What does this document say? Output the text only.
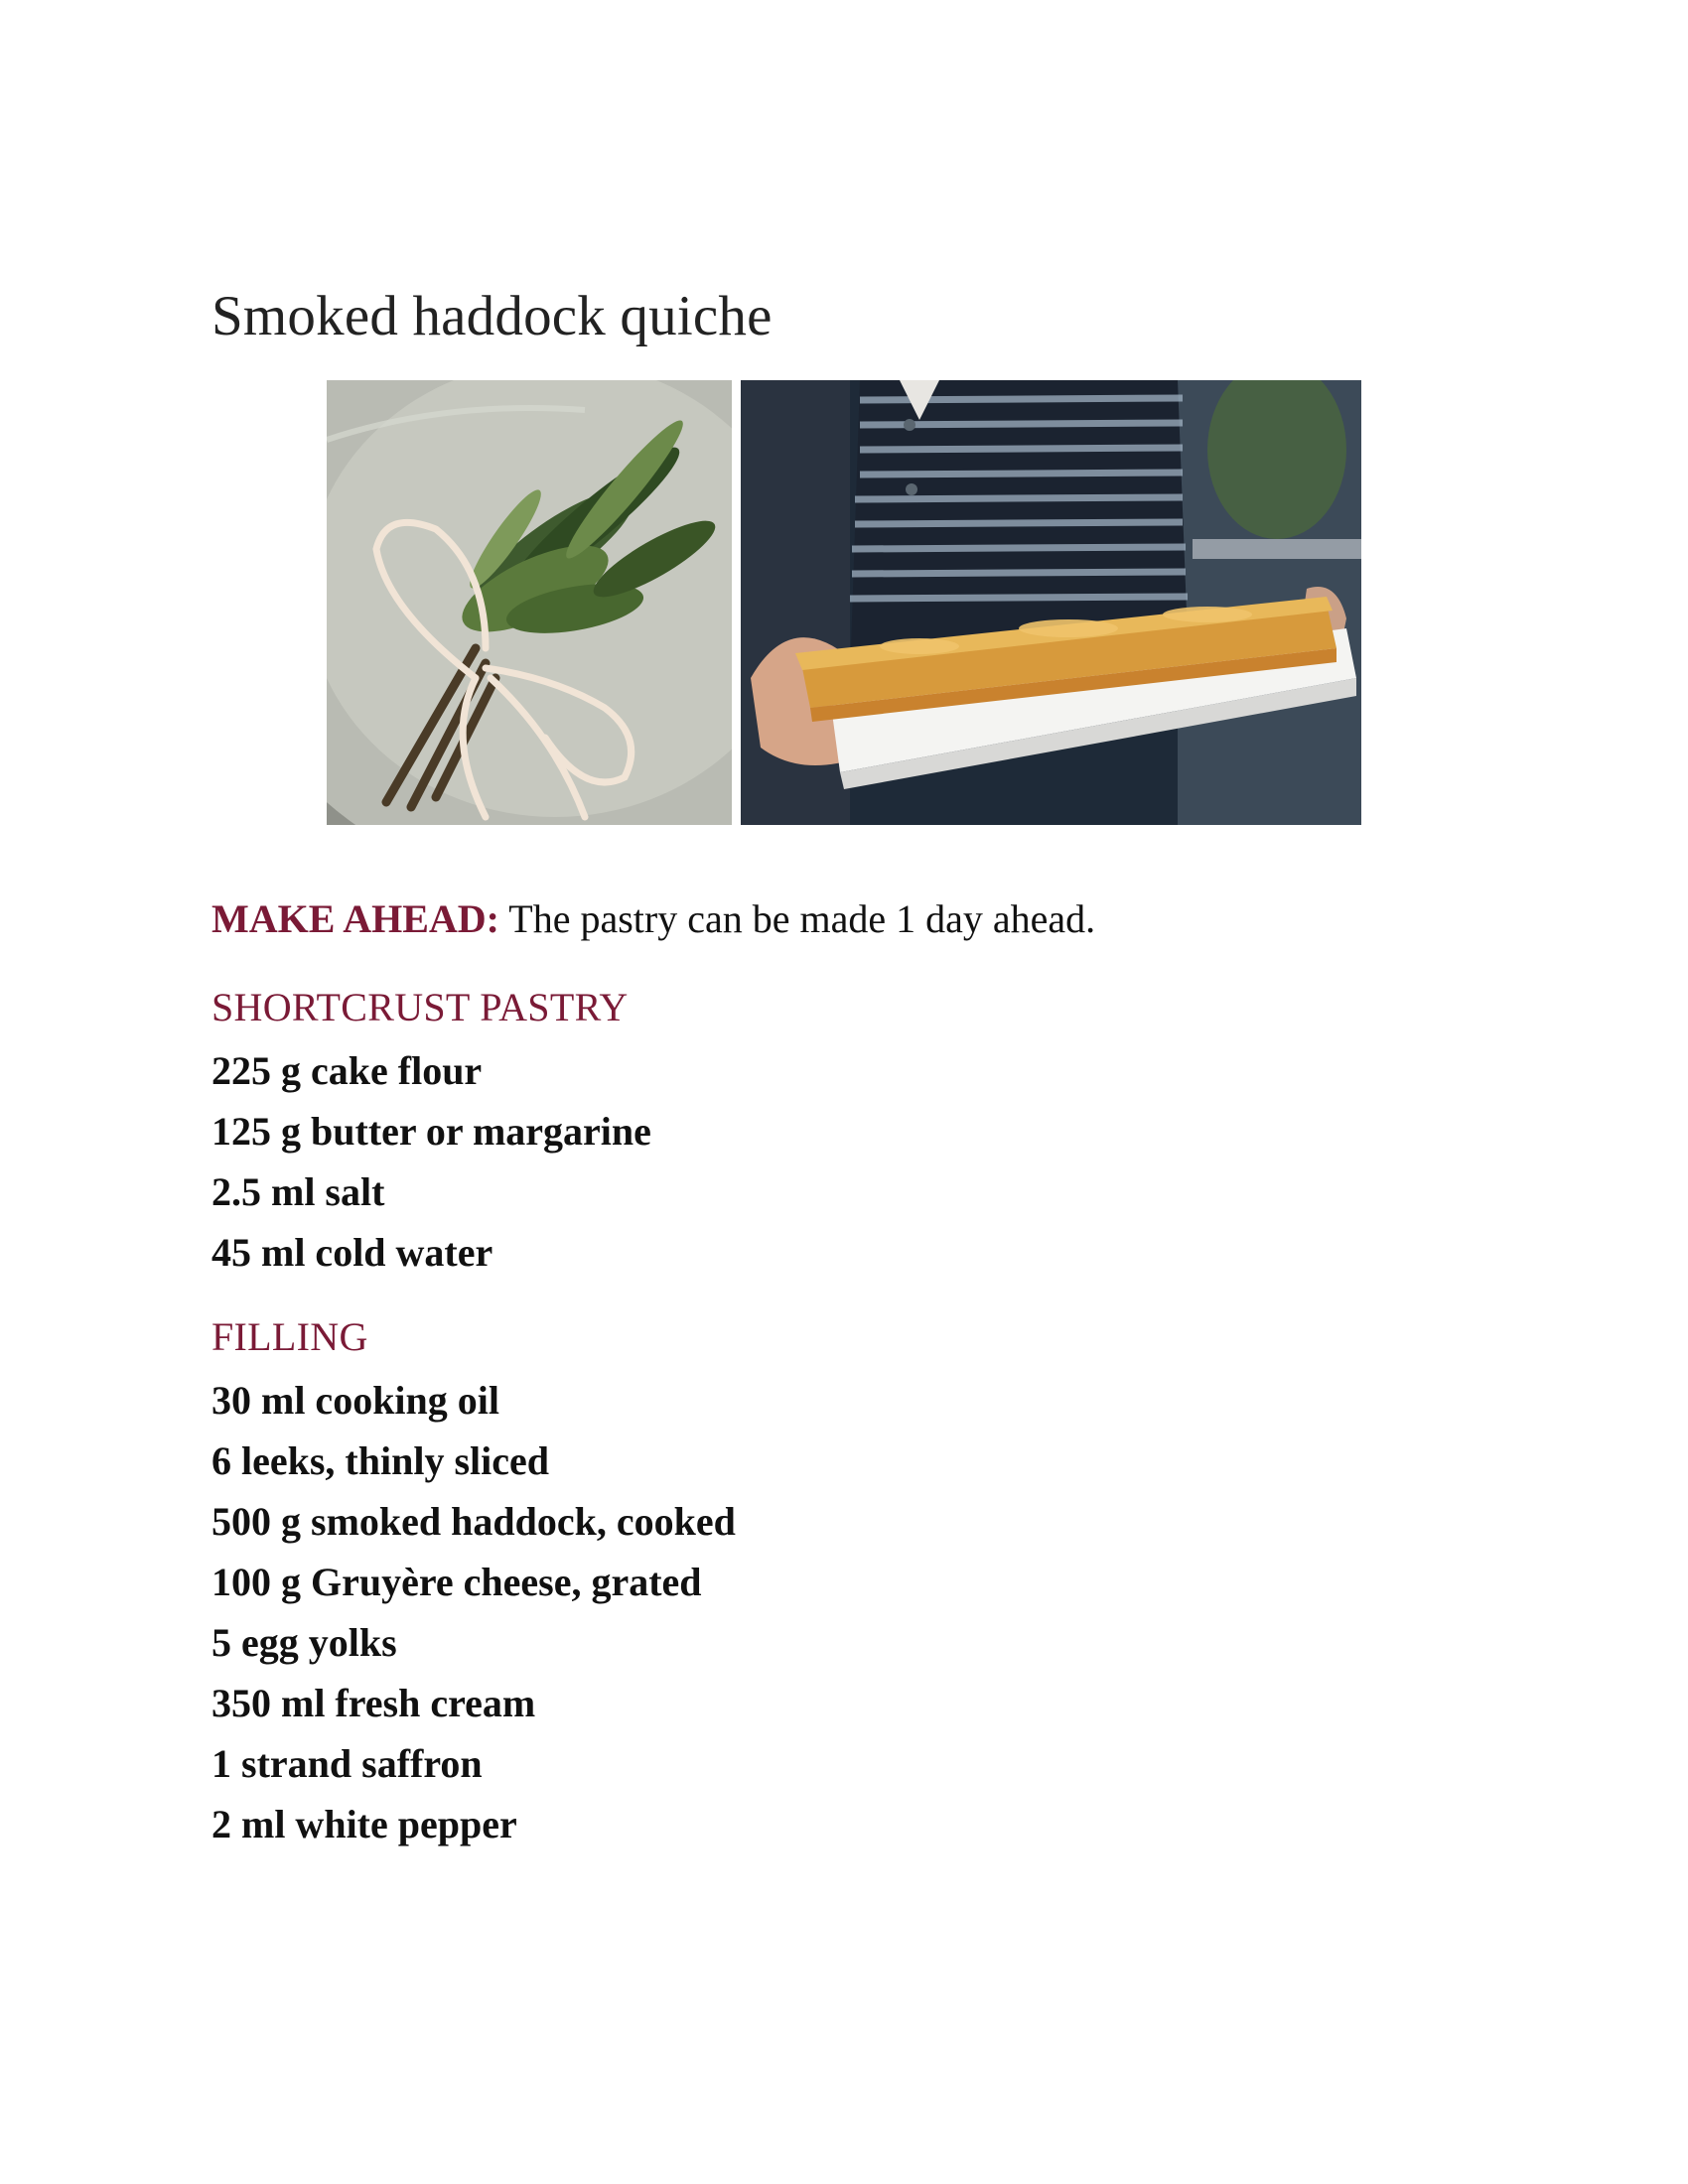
Smoked haddock quiche
MAKE AHEAD: The pastry can be made 1 day ahead.
SHORTCRUST PASTRY
225 g cake flour
125 g butter or margarine
2.5 ml salt
45 ml cold water
FILLING
30 ml cooking oil
6 leeks, thinly sliced
500 g smoked haddock, cooked
100 g Gruyère cheese, grated
5 egg yolks
350 ml fresh cream
1 strand saffron
2 ml white pepper
